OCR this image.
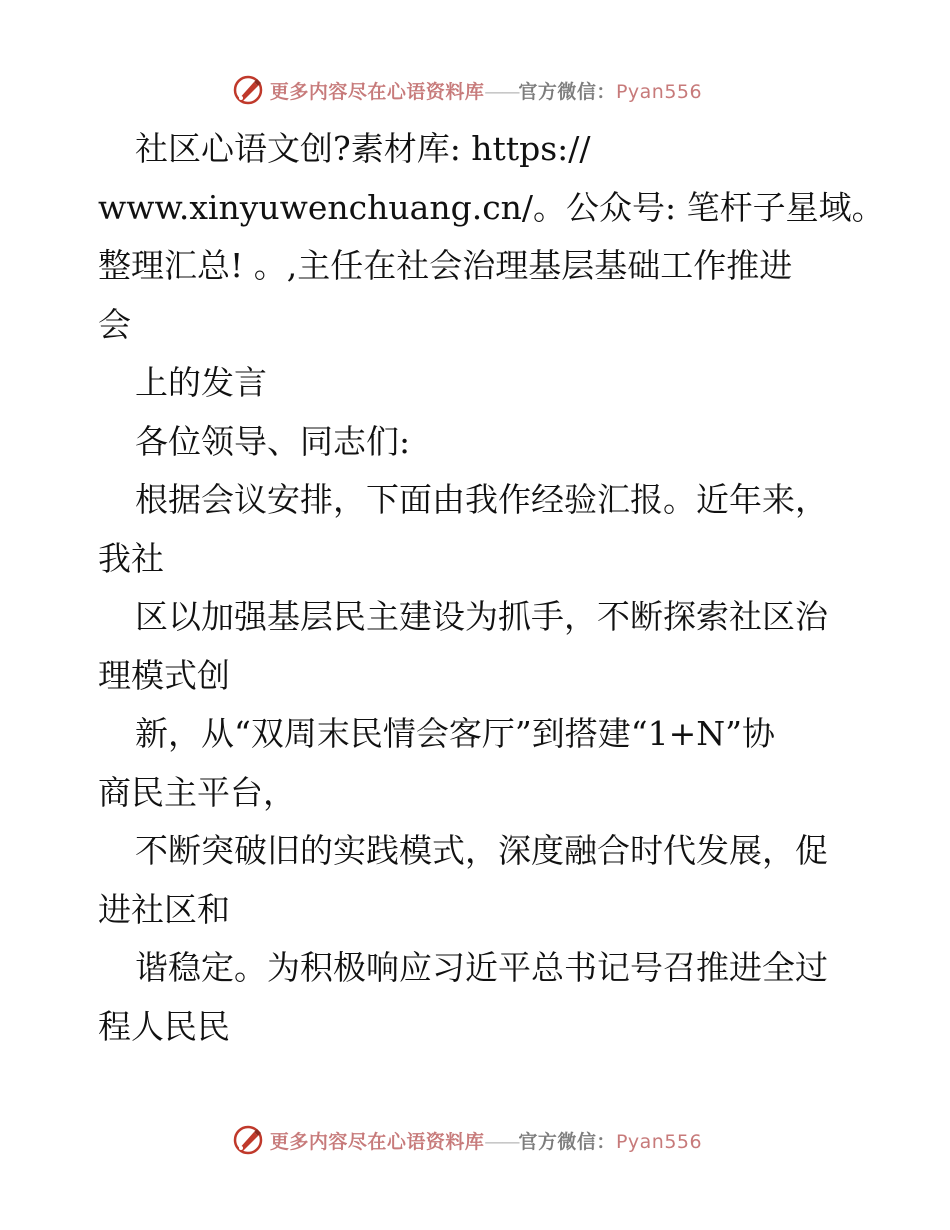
更多内容尽在心语资料库——官方微信：Pyan556
社区心语文创?素材库: https://
www.xinyuwenchuang.cn/。公众号: 笔杆子星域。
整理汇总! 。,主任在社会治理基层基础工作推进
会
上的发言
各位领导、同志们:
根据会议安排，下面由我作经验汇报。近年来，
我社
区以加强基层民主建设为抓手，不断探索社区治
理模式创
新，从“双周末民情会客厅”到搭建“1+N”协
商民主平台，
不断突破旧的实践模式，深度融合时代发展，促
进社区和
谐稳定。为积极响应习近平总书记号召推进全过
程人民民
更多内容尽在心语资料库——官方微信：Pyan556
